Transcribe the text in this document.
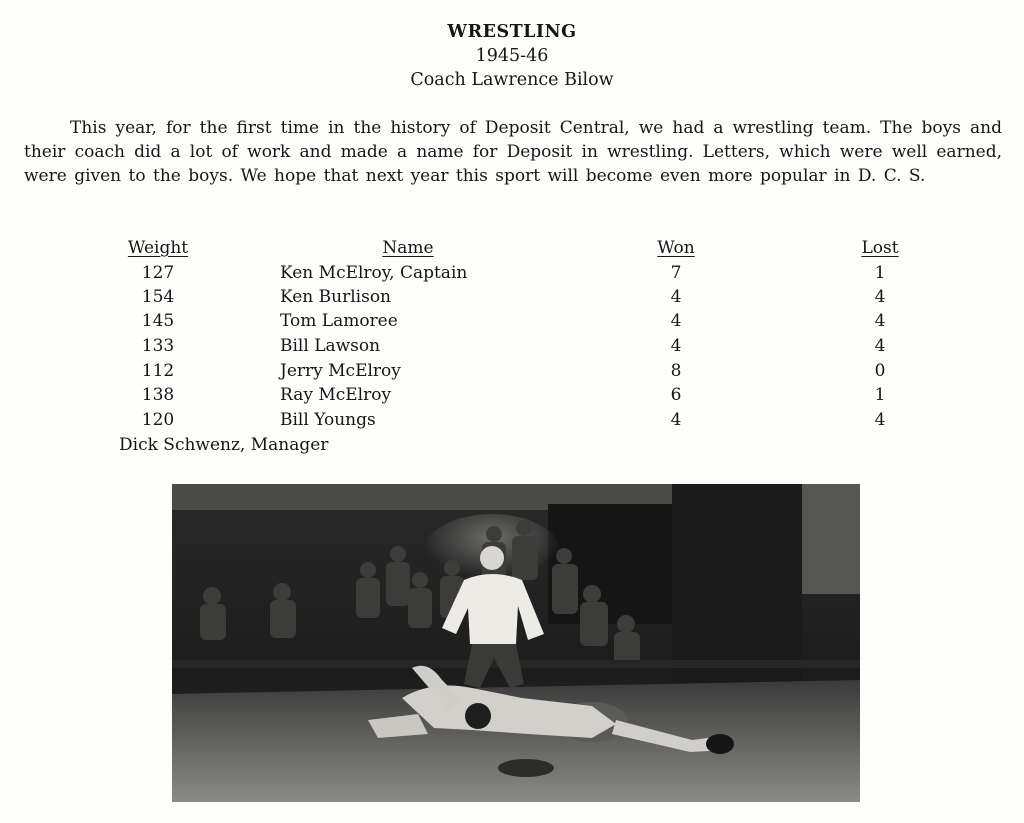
WRESTLING
1945-46
Coach Lawrence Bilow

This year, for the first time in the history of Deposit Central, we had a wrestling team. The boys and their coach did a lot of work and made a name for Deposit in wrestling. Letters, which were well earned, were given to the boys. We hope that next year this sport will become even more popular in D. C. S.

Weight	Name	Won	Lost
127	Ken McElroy, Captain	7	1
154	Ken Burlison	4	4
145	Tom Lamoree	4	4
133	Bill Lawson	4	4
112	Jerry McElroy	8	0
138	Ray McElroy	6	1
120	Bill Youngs	4	4
Dick Schwenz, Manager
